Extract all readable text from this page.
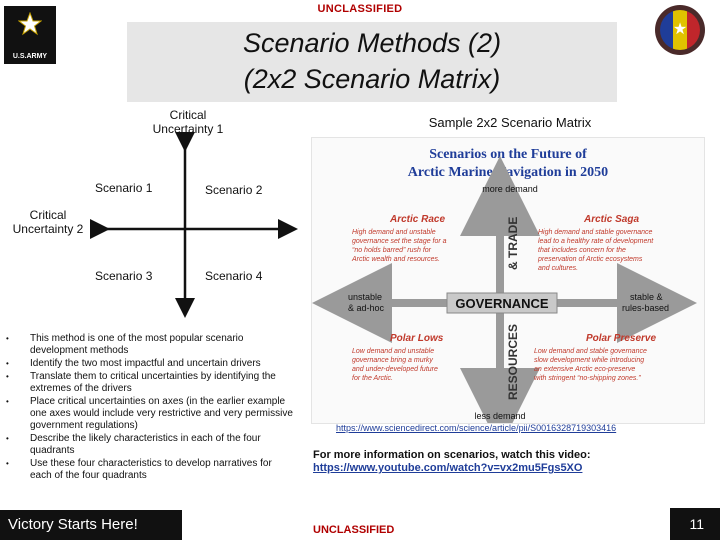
UNCLASSIFIED
U.S.ARMY	Scenario Methods (2)
(2x2 Scenario Matrix)
★
Critical Uncertainty 1
Critical Uncertainty 2
Scenario 1	Scenario 2
Scenario 3	Scenario 4
• This method is one of the most popular scenario development methods
• Identify the two most impactful and uncertain drivers
• Translate them to critical uncertainties by identifying the extremes of the drivers
• Place critical uncertainties on axes (in the earlier example one axes would include very restrictive and very permissive government regulations)
• Describe the likely characteristics in each of the four quadrants
• Use these four characteristics to develop narratives for each of the four quadrants
Sample 2x2 Scenario Matrix
Scenarios on the Future of
Arctic Marine Navigation in 2050
GOVERNANCE
more demand
less demand
unstable
& ad-hoc
stable &
rules-based
& TRADE
RESOURCES
Arctic Race
High demand and unstable
governance set the stage for a
“no holds barred” rush for
Arctic wealth and resources.
Arctic Saga
High demand and stable governance
lead to a healthy rate of development
that includes concern for the
preservation of Arctic ecosystems
and cultures.
Polar Lows
Low demand and unstable
governance bring a murky
and under-developed future
for the Arctic.
Polar Preserve
Low demand and stable governance
slow development while introducing
an extensive Arctic eco-preserve
with stringent “no-shipping zones.”
https://www.sciencedirect.com/science/article/pii/S0016328719303416
For more information on scenarios, watch this video:
https://www.youtube.com/watch?v=vx2mu5Fgs5XO
Victory Starts Here!	UNCLASSIFIED	11
